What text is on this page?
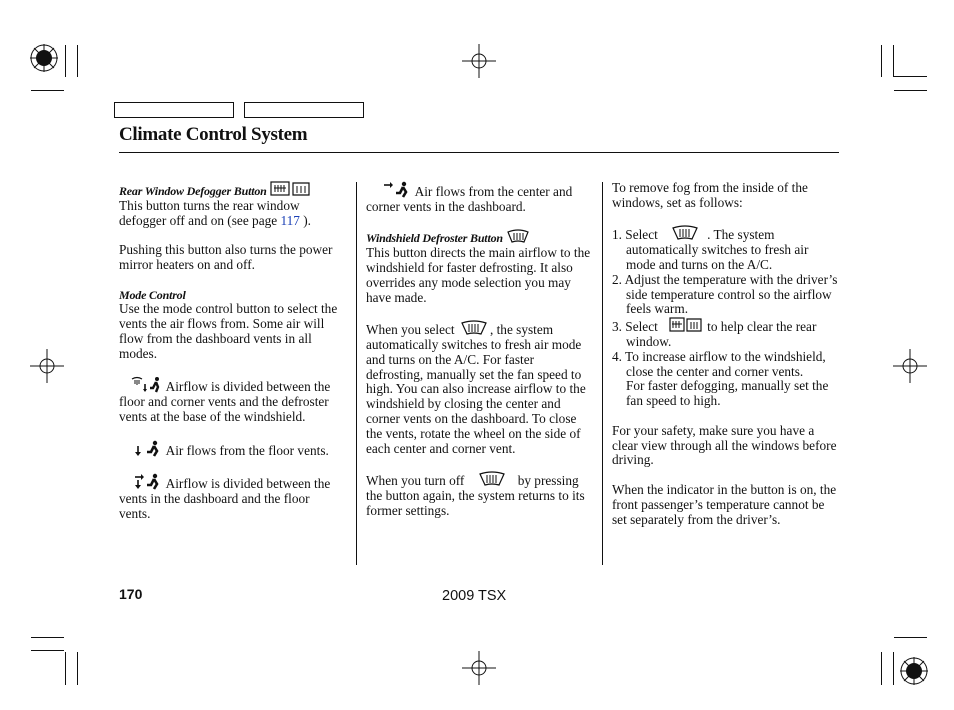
Climate Control System

Rear Window Defogger Button

This button turns the rear window defogger off and on (see page 117 ).

Pushing this button also turns the power mirror heaters on and off.

Mode Control

Use the mode control button to select the vents the air flows from. Some air will flow from the dashboard vents in all modes.

Airflow is divided between the floor and corner vents and the defroster vents at the base of the windshield.

Air flows from the floor vents.

Airflow is divided between the vents in the dashboard and the floor vents.

Air flows from the center and corner vents in the dashboard.

Windshield Defroster Button

This button directs the main airflow to the windshield for faster defrosting. It also overrides any mode selection you may have made.

When you select	, the system automatically switches to fresh air mode and turns on the A/C. For faster defrosting, manually set the fan speed to high. You can also increase airflow to the windshield by closing the center and corner vents on the dashboard. To close the vents, rotate the wheel on the side of each center and corner vent.

When you turn off	by pressing the button again, the system returns to its former settings.

To remove fog from the inside of the windows, set as follows:

1. Select	. The system automatically switches to fresh air mode and turns on the A/C.

2. Adjust the temperature with the driver’s side temperature control so the airflow feels warm.

3. Select	to help clear the rear window.

4. To increase airflow to the windshield, close the center and corner vents.

For faster defogging, manually set the fan speed to high.

For your safety, make sure you have a clear view through all the windows before driving.

When the indicator in the button is on, the front passenger’s temperature cannot be set separately from the driver’s.

170	2009 TSX
